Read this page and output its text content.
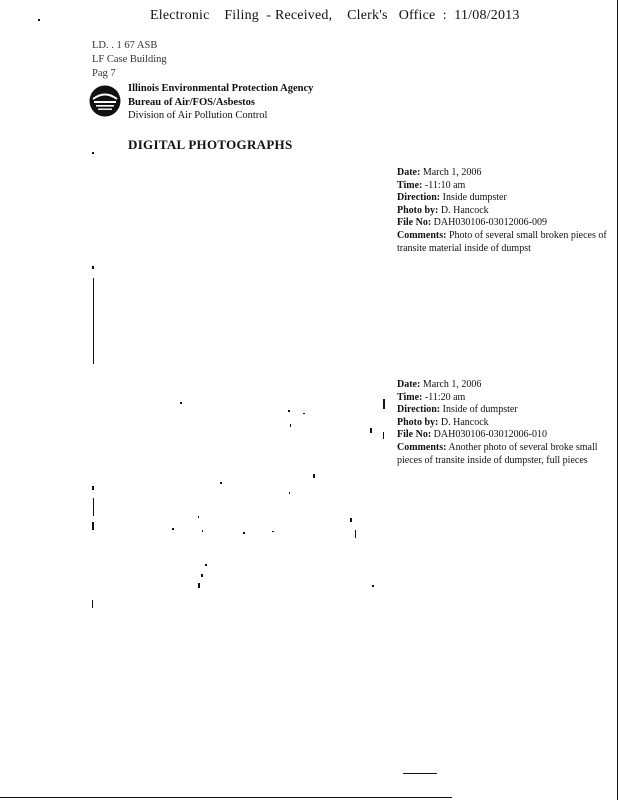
Electronic    Filing  - Received,    Clerk's   Office  :  11/08/2013
LD. . 1 67 ASB
LF Case Building
Pag 7
Illinois Environmental Protection Agency
Bureau of Air/FOS/Asbestos
Division of Air Pollution Control
DIGITAL PHOTOGRAPHS
Date: March 1, 2006
Time: -11:10 am
Direction: Inside dumpster
Photo by: D. Hancock
File No: DAH030106-03012006-009
Comments: Photo of several small broken pieces of transite material inside of dumpst
Date: March 1, 2006
Time: -11:20 am
Direction: Inside of dumpster
Photo by: D. Hancock
File No: DAH030106-03012006-010
Comments: Another photo of several broke small pieces of transite inside of dumpster, full pieces
